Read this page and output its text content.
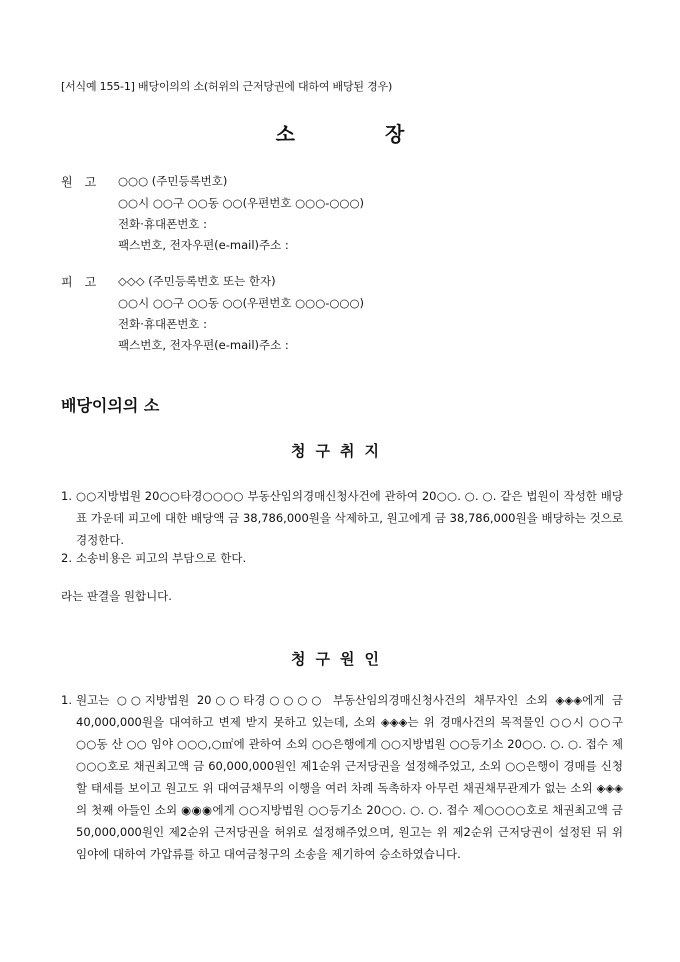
[서식예 155-1] 배당이의의 소(허위의 근저당권에 대하여 배당된 경우)
소	장
원　고 ○○○ (주민등록번호)
○○시 ○○구 ○○동 ○○(우편번호 ○○○-○○○)
전화·휴대폰번호 :
팩스번호, 전자우편(e-mail)주소 :
피　고 ◇◇◇ (주민등록번호 또는 한자)
○○시 ○○구 ○○동 ○○(우편번호 ○○○-○○○)
전화·휴대폰번호 :
팩스번호, 전자우편(e-mail)주소 :
배당이의의 소
청구취지
1. ○○지방법원 20○○타경○○○○ 부동산임의경매신청사건에 관하여 20○○. ○. ○. 같은 법원이 작성한 배당표 가운데 피고에 대한 배당액 금 38,786,000원을 삭제하고, 원고에게 금 38,786,000원을 배당하는 것으로 경정한다.
2. 소송비용은 피고의 부담으로 한다.
라는 판결을 원합니다.
청구원인
1. 원고는 ○○지방법원 20○○타경○○○○ 부동산임의경매신청사건의 채무자인 소외 ◈◈◈에게 금 40,000,000원을 대여하고 변제 받지 못하고 있는데, 소외 ◈◈◈는 위 경매사건의 목적물인 ○○시 ○○구 ○○동 산 ○○ 임야 ○○○,○㎡에 관하여 소외 ○○은행에게 ○○지방법원 ○○등기소 20○○. ○. ○. 접수 제○○○호로 채권최고액 금 60,000,000원인 제1순위 근저당권을 설정해주었고, 소외 ○○은행이 경매를 신청할 태세를 보이고 원고도 위 대여금채무의 이행을 여러 차례 독촉하자 아무런 채권채무관계가 없는 소외 ◈◈◈의 첫째 아들인 소외 ◉◉◉에게 ○○지방법원 ○○등기소 20○○. ○. ○. 접수 제○○○○호로 채권최고액 금 50,000,000원인 제2순위 근저당권을 허위로 설정해주었으며, 원고는 위 제2순위 근저당권이 설정된 뒤 위 임야에 대하여 가압류를 하고 대여금청구의 소송을 제기하여 승소하였습니다.
